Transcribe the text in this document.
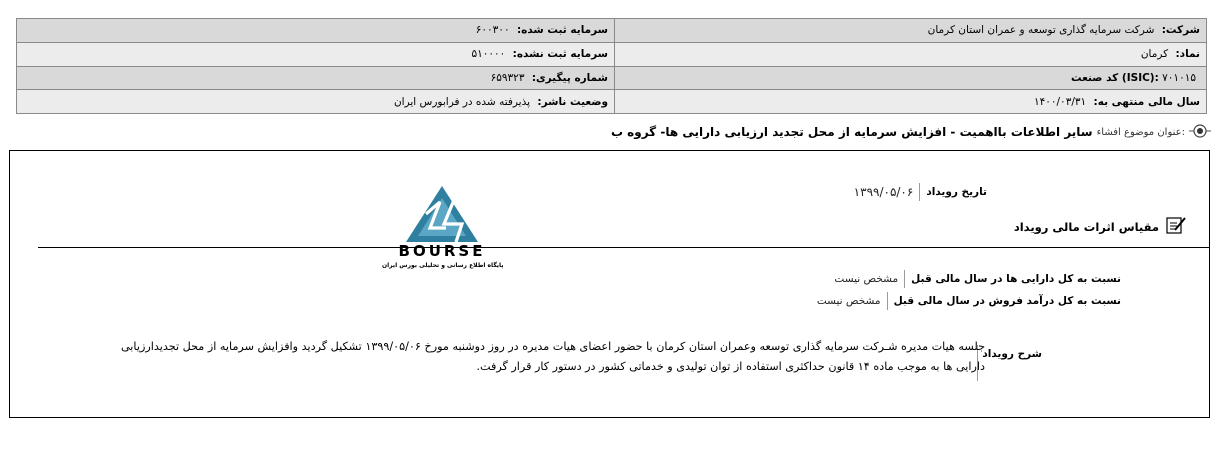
سرمایه ثبت شده: ۶۰۰۳۰۰	شرکت: شرکت سرمایه گذاری توسعه و عمران استان کرمان
سرمایه ثبت نشده: ۵۱۰۰۰۰	نماد: کرمان
شماره پیگیری: ۶۵۹۳۲۳	کد صنعت (ISIC): ۷۰۱۰۱۵
وضعیت ناشر: پذیرفته شده در فرابورس ایران	سال مالی منتهی به: ۱۴۰۰/۰۳/۳۱
عنوان موضوع افشاء:
سایر اطلاعات بااهمیت - افزایش سرمایه از محل تجدید ارزیابی دارایی ها- گروه ب
BOURSE
پایگاه اطلاع رسانی و تحلیلی بورس ایران
تاریخ رویداد
۱۳۹۹/۰۵/۰۶
مقیاس اثرات مالی رویداد
نسبت به کل دارایی ها در سال مالی قبل
مشخص نیست
نسبت به کل درآمد فروش در سال مالی قبل
مشخص نیست
شرح رویداد
جلسه هیات مدیره شـرکت سرمایه گذاری توسعه وعمران استان کرمان با حضور اعضای هیات مدیره در روز دوشنبه مورخ ۱۳۹۹/۰۵/۰۶ تشکیل گردید وافزایش سرمایه از محل تجدیدارزیابی دارایی ها به موجب ماده ۱۴ قانون حداکثری استفاده از توان تولیدی و خدماتی کشور در دستور کار قرار گرفت.
